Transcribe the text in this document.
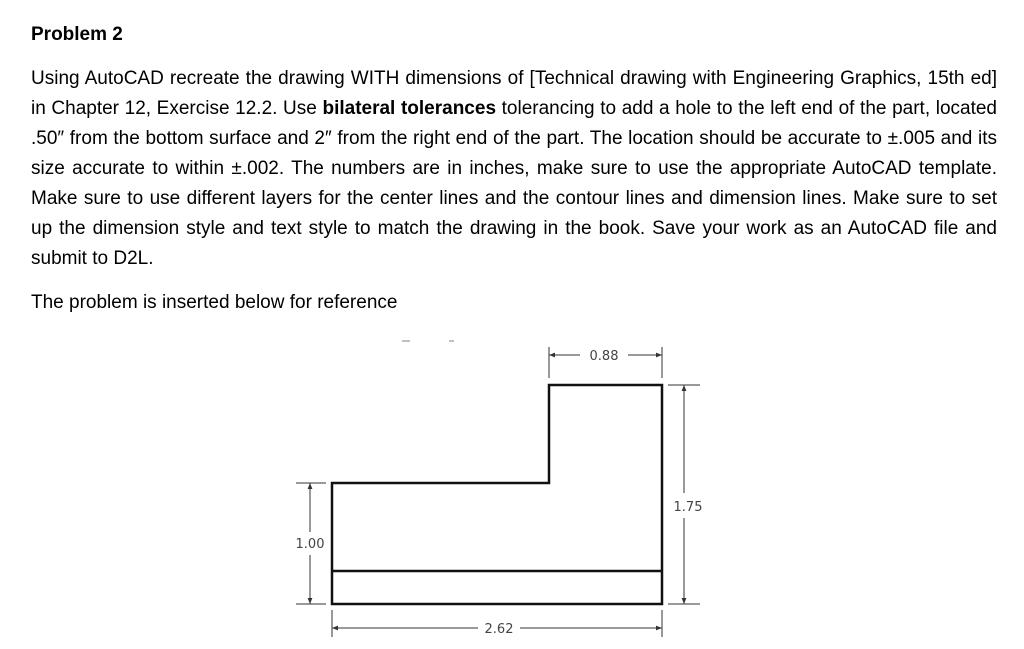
Problem 2
Using AutoCAD recreate the drawing WITH dimensions of [Technical drawing with Engineering Graphics, 15th ed] in Chapter 12, Exercise 12.2. Use bilateral tolerances tolerancing to add a hole to the left end of the part, located .50″ from the bottom surface and 2″ from the right end of the part. The location should be accurate to ±.005 and its size accurate to within ±.002. The numbers are in inches, make sure to use the appropriate AutoCAD template. Make sure to use different layers for the center lines and the contour lines and dimension lines. Make sure to set up the dimension style and text style to match the drawing in the book. Save your work as an AutoCAD file and submit to D2L.
The problem is inserted below for reference
0.88
1.75
1.00
2.62
